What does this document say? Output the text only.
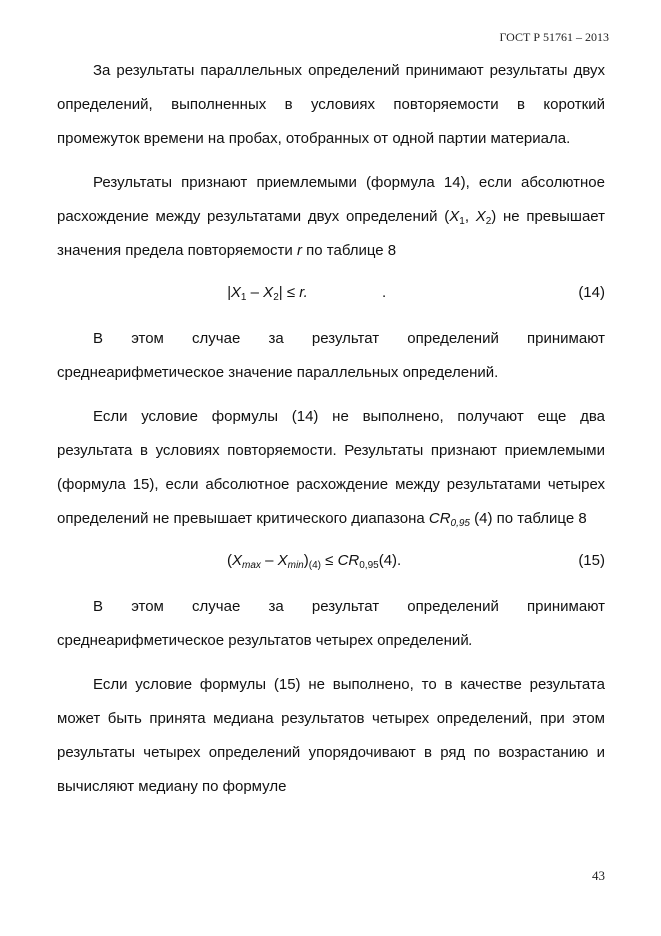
ГОСТ Р 51761 – 2013

За результаты параллельных определений принимают результаты двух определений, выполненных в условиях повторяемости в короткий промежуток времени на пробах, отобранных от одной партии материала.

Результаты признают приемлемыми (формула 14), если абсолютное расхождение между результатами двух определений ($X_1$, $X_2$) не превышает значения предела повторяемости r по таблице 8

$|X_1 - X_2| \le r$.	.	(14)

В этом случае за результат определений принимают среднеарифметическое значение параллельных определений.

Если условие формулы (14) не выполнено, получают еще два результата в условиях повторяемости. Результаты признают приемлемыми (формула 15), если абсолютное расхождение между результатами четырех определений не превышает критического диапазона $CR_{0,95}$ (4) по таблице 8

$(X_{max} - X_{min})_{(4)} \le CR_{0,95}(4)$.	(15)

В этом случае за результат определений принимают среднеарифметическое результатов четырех определений.

Если условие формулы (15) не выполнено, то в качестве результата может быть принята медиана результатов четырех определений, при этом результаты четырех определений упорядочивают в ряд по возрастанию и вычисляют медиану по формуле

43
